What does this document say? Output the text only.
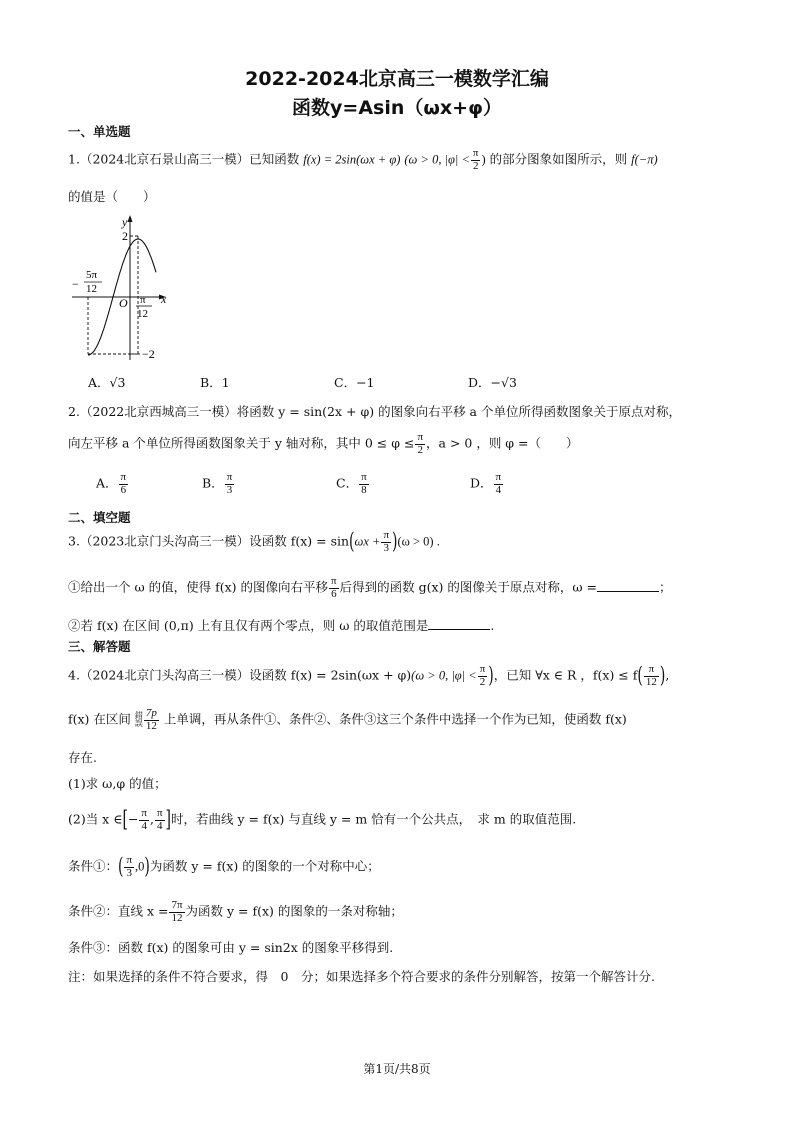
2022-2024北京高三一模数学汇编
函数y=Asin（ωx+φ）
一、单选题
1.（2024北京石景山高三一模）已知函数 f(x) = 2sin(ωx + φ) (ω > 0, $|\varphi| < \frac{\pi}{2}$ ) 的部分图象如图所示，则 f(−π)
的值是（　　）
y
x
O
2
−2
−
5π
12
π
12
A．√3	B．1	C．−1	D．−√3
2.（2022北京西城高三一模）将函数 y = sin(2x + φ) 的图象向右平移 a 个单位所得函数图象关于原点对称，
向左平移 a 个单位所得函数图象关于 y 轴对称，其中 $0 \le \varphi \le \frac{\pi}{2}$ ，a > 0 ，则 φ =（　　）
A． $\frac{\pi}{6}$	B． $\frac{\pi}{3}$	C． $\frac{\pi}{8}$	D． $\frac{\pi}{4}$
二、填空题
3.（2023北京门头沟高三一模）设函数 $f(x) = \sin(\omega x + \frac{\pi}{3} )(\omega > 0)$ .
①给出一个 ω 的值，使得 f(x) 的图像向右平移 $\frac{\pi}{6}$ 后得到的函数 g(x) 的图像关于原点对称，ω =	；
②若 f(x) 在区间 (0,π) 上有且仅有两个零点，则 ω 的取值范围是	.
三、解答题
4.（2024北京门头沟高三一模）设函数 f(x) = 2sin(ωx + φ)(ω > 0, $|\varphi| < \frac{\pi}{2}$ )，已知 ∀x ∈ R ，$f(x) \le f( \frac{\pi}{12}$ ),
f(x) 在区间 錯
誤 $\frac{7p}{12}$ 上单调，再从条件①、条件②、条件③这三个条件中选择一个作为已知，使函数 f(x)
存在.
(1)求 ω,φ 的值；
(2)当 x ∈[− $\frac{\pi}{4}$ , $\frac{\pi}{4}$ ]时，若曲线 y = f(x) 与直线 y = m 恰有一个公共点，　求 m 的取值范围.
条件①：( $\frac{\pi}{3} ,0$)为函数 y = f(x) 的图象的一个对称中心；
条件②：直线 $x = \frac{7\pi}{12}$ 为函数 y = f(x) 的图象的一条对称轴；
条件③：函数 f(x) 的图象可由 y = sin2x 的图象平移得到.
注：如果选择的条件不符合要求，得　0　分；如果选择多个符合要求的条件分别解答，按第一个解答计分.
第1页/共8页
